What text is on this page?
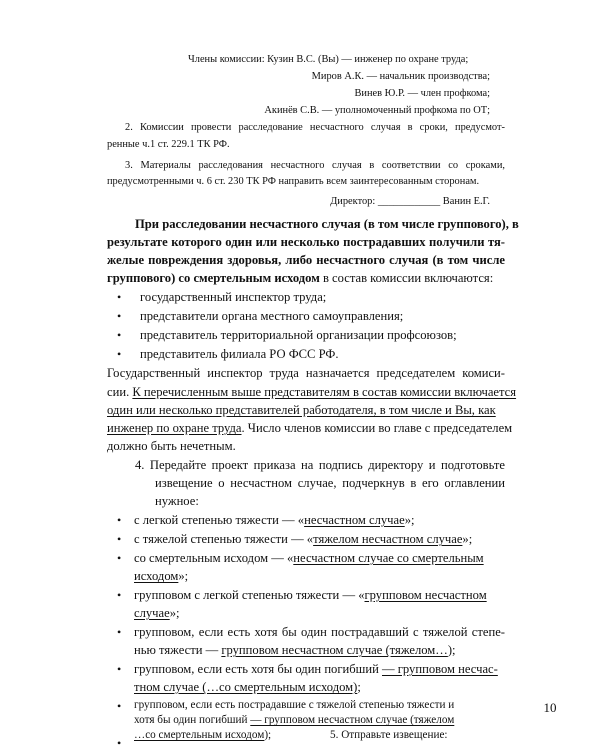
Члены комиссии: Кузин В.С. (Вы) — инженер по охране труда;
Миров А.К. — начальник производства;
Винев Ю.Р. — член профкома;
Акинёв С.В. — уполномоченный профкома по ОТ;
2. Комиссии провести расследование несчастного случая в сроки, предусмот-
ренные ч.1 ст. 229.1 ТК РФ.
3. Материалы расследования несчастного случая в соответствии со сроками,
предусмотренными ч. 6 ст. 230 ТК РФ направить всем заинтересованным сторонам.
Директор: ____________ Ванин Е.Г.
При расследовании несчастного случая (в том числе группового), в
результате которого один или несколько пострадавших получили тя-
желые повреждения здоровья, либо несчастного случая (в том числе
группового) со смертельным исходом в состав комиссии включаются:
• государственный инспектор труда;
• представители органа местного самоуправления;
• представитель территориальной организации профсоюзов;
• представитель филиала РО ФСС РФ.
Государственный инспектор труда назначается председателем комиси-
сии. К перечисленным выше представителям в состав комиссии включается
один или несколько представителей работодателя, в том числе и Вы, как
инженер по охране труда. Число членов комиссии во главе с председателем
должно быть нечетным.
4. Передайте проект приказа на подпись директору и подготовьте
извещение о несчастном случае, подчеркнув в его оглавлении
нужное:
• с легкой степенью тяжести — «несчастном случае»;
• с тяжелой степенью тяжести — «тяжелом несчастном случае»;
• со смертельным исходом — «несчастном случае со смертельным
исходом»;
• групповом с легкой степенью тяжести — «групповом несчастном
случае»;
• групповом, если есть хотя бы один пострадавший с тяжелой степе-
нью тяжести — групповом несчастном случае (тяжелом…);
• групповом, если есть хотя бы один погибший — групповом несчас-
тном случае (…со смертельным исходом);
10
• групповом, если есть пострадавшие с тяжелой степенью тяжести и
хотя бы один погибший — групповом несчастном случае (тяжелом
…со смертельным исходом);	5. Отправьте извещение:
•
